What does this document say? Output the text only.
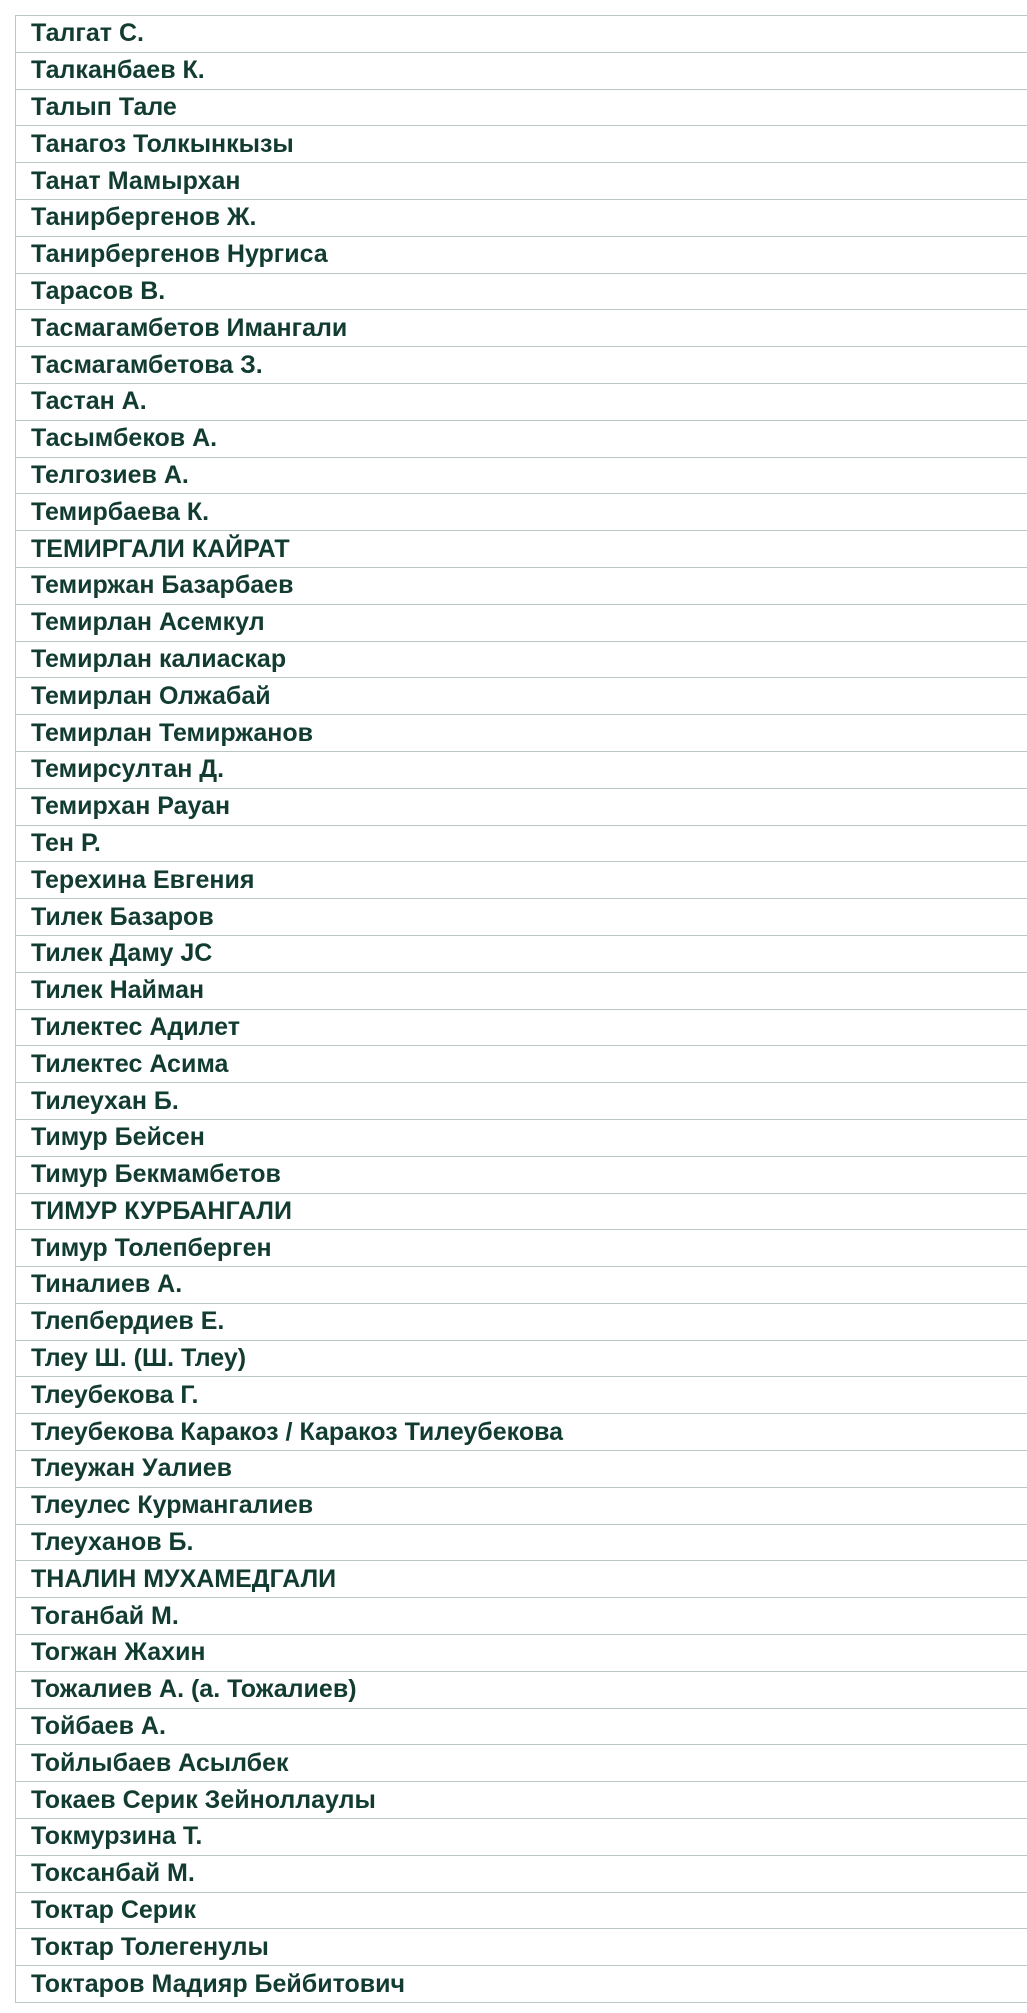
Талгат С.
Талканбаев К.
Талып Тале
Танагоз Толкынкызы
Танат Мамырхан
Танирбергенов Ж.
Танирбергенов Нургиса
Тарасов В.
Тасмагамбетов Имангали
Тасмагамбетова З.
Тастан А.
Тасымбеков А.
Телгозиев А.
Темирбаева К.
ТЕМИРГАЛИ КАЙРАТ
Темиржан Базарбаев
Темирлан Асемкул
Темирлан калиаскар
Темирлан Олжабай
Темирлан Темиржанов
Темирсултан Д.
Темирхан Рауан
Тен Р.
Терехина Евгения
Тилек Базаров
Тилек Даму JC
Тилек Найман
Тилектес Адилет
Тилектес Асима
Тилеухан Б.
Тимур Бейсен
Тимур Бекмамбетов
ТИМУР КУРБАНГАЛИ
Тимур Толепберген
Тиналиев А.
Тлепбердиев Е.
Тлеу Ш. (Ш. Тлеу)
Тлеубекова Г.
Тлеубекова Каракоз / Каракоз Тилеубекова
Тлеужан Уалиев
Тлеулес Курмангалиев
Тлеуханов Б.
ТНАЛИН МУХАМЕДГАЛИ
Тоганбай М.
Тогжан Жахин
Тожалиев А. (а. Тожалиев)
Тойбаев А.
Тойлыбаев Асылбек
Токаев Серик Зейноллаулы
Токмурзина Т.
Токсанбай М.
Токтар Серик
Токтар Толегенулы
Токтаров Мадияр Бейбитович
